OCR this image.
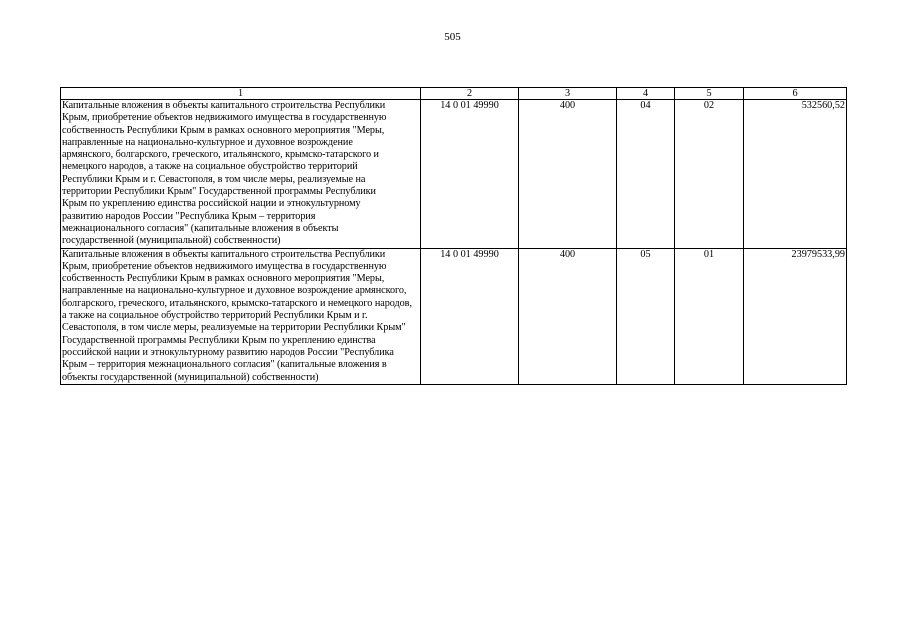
505
1	2	3	4	5	6
Капитальные вложения в объекты капитального строительства Республики Крым, приобретение объектов недвижимого имущества в государственную собственность Республики Крым в рамках основного мероприятия "Меры, направленные на национально-культурное и духовное возрождение армянского, болгарского, греческого, итальянского, крымско-татарского и немецкого народов, а также на социальное обустройство территорий Республики Крым и г. Севастополя, в том числе меры, реализуемые на территории Республики Крым" Государственной программы Республики Крым по укреплению единства российской нации и этнокультурному развитию народов России "Республика Крым – территория межнационального согласия" (капитальные вложения в объекты государственной (муниципальной) собственности)	14 0 01 49990	400	04	02	532560,52
Капитальные вложения в объекты капитального строительства Республики Крым, приобретение объектов недвижимого имущества в государственную собственность Республики Крым в рамках основного мероприятия "Меры, направленные на национально-культурное и духовное возрождение армянского, болгарского, греческого, итальянского, крымско-татарского и немецкого народов, а также на социальное обустройство территорий Республики Крым и г. Севастополя, в том числе меры, реализуемые на территории Республики Крым" Государственной программы Республики Крым по укреплению единства российской нации и этнокультурному развитию народов России "Республика Крым – территория межнационального согласия" (капитальные вложения в объекты государственной (муниципальной) собственности)	14 0 01 49990	400	05	01	23979533,99
